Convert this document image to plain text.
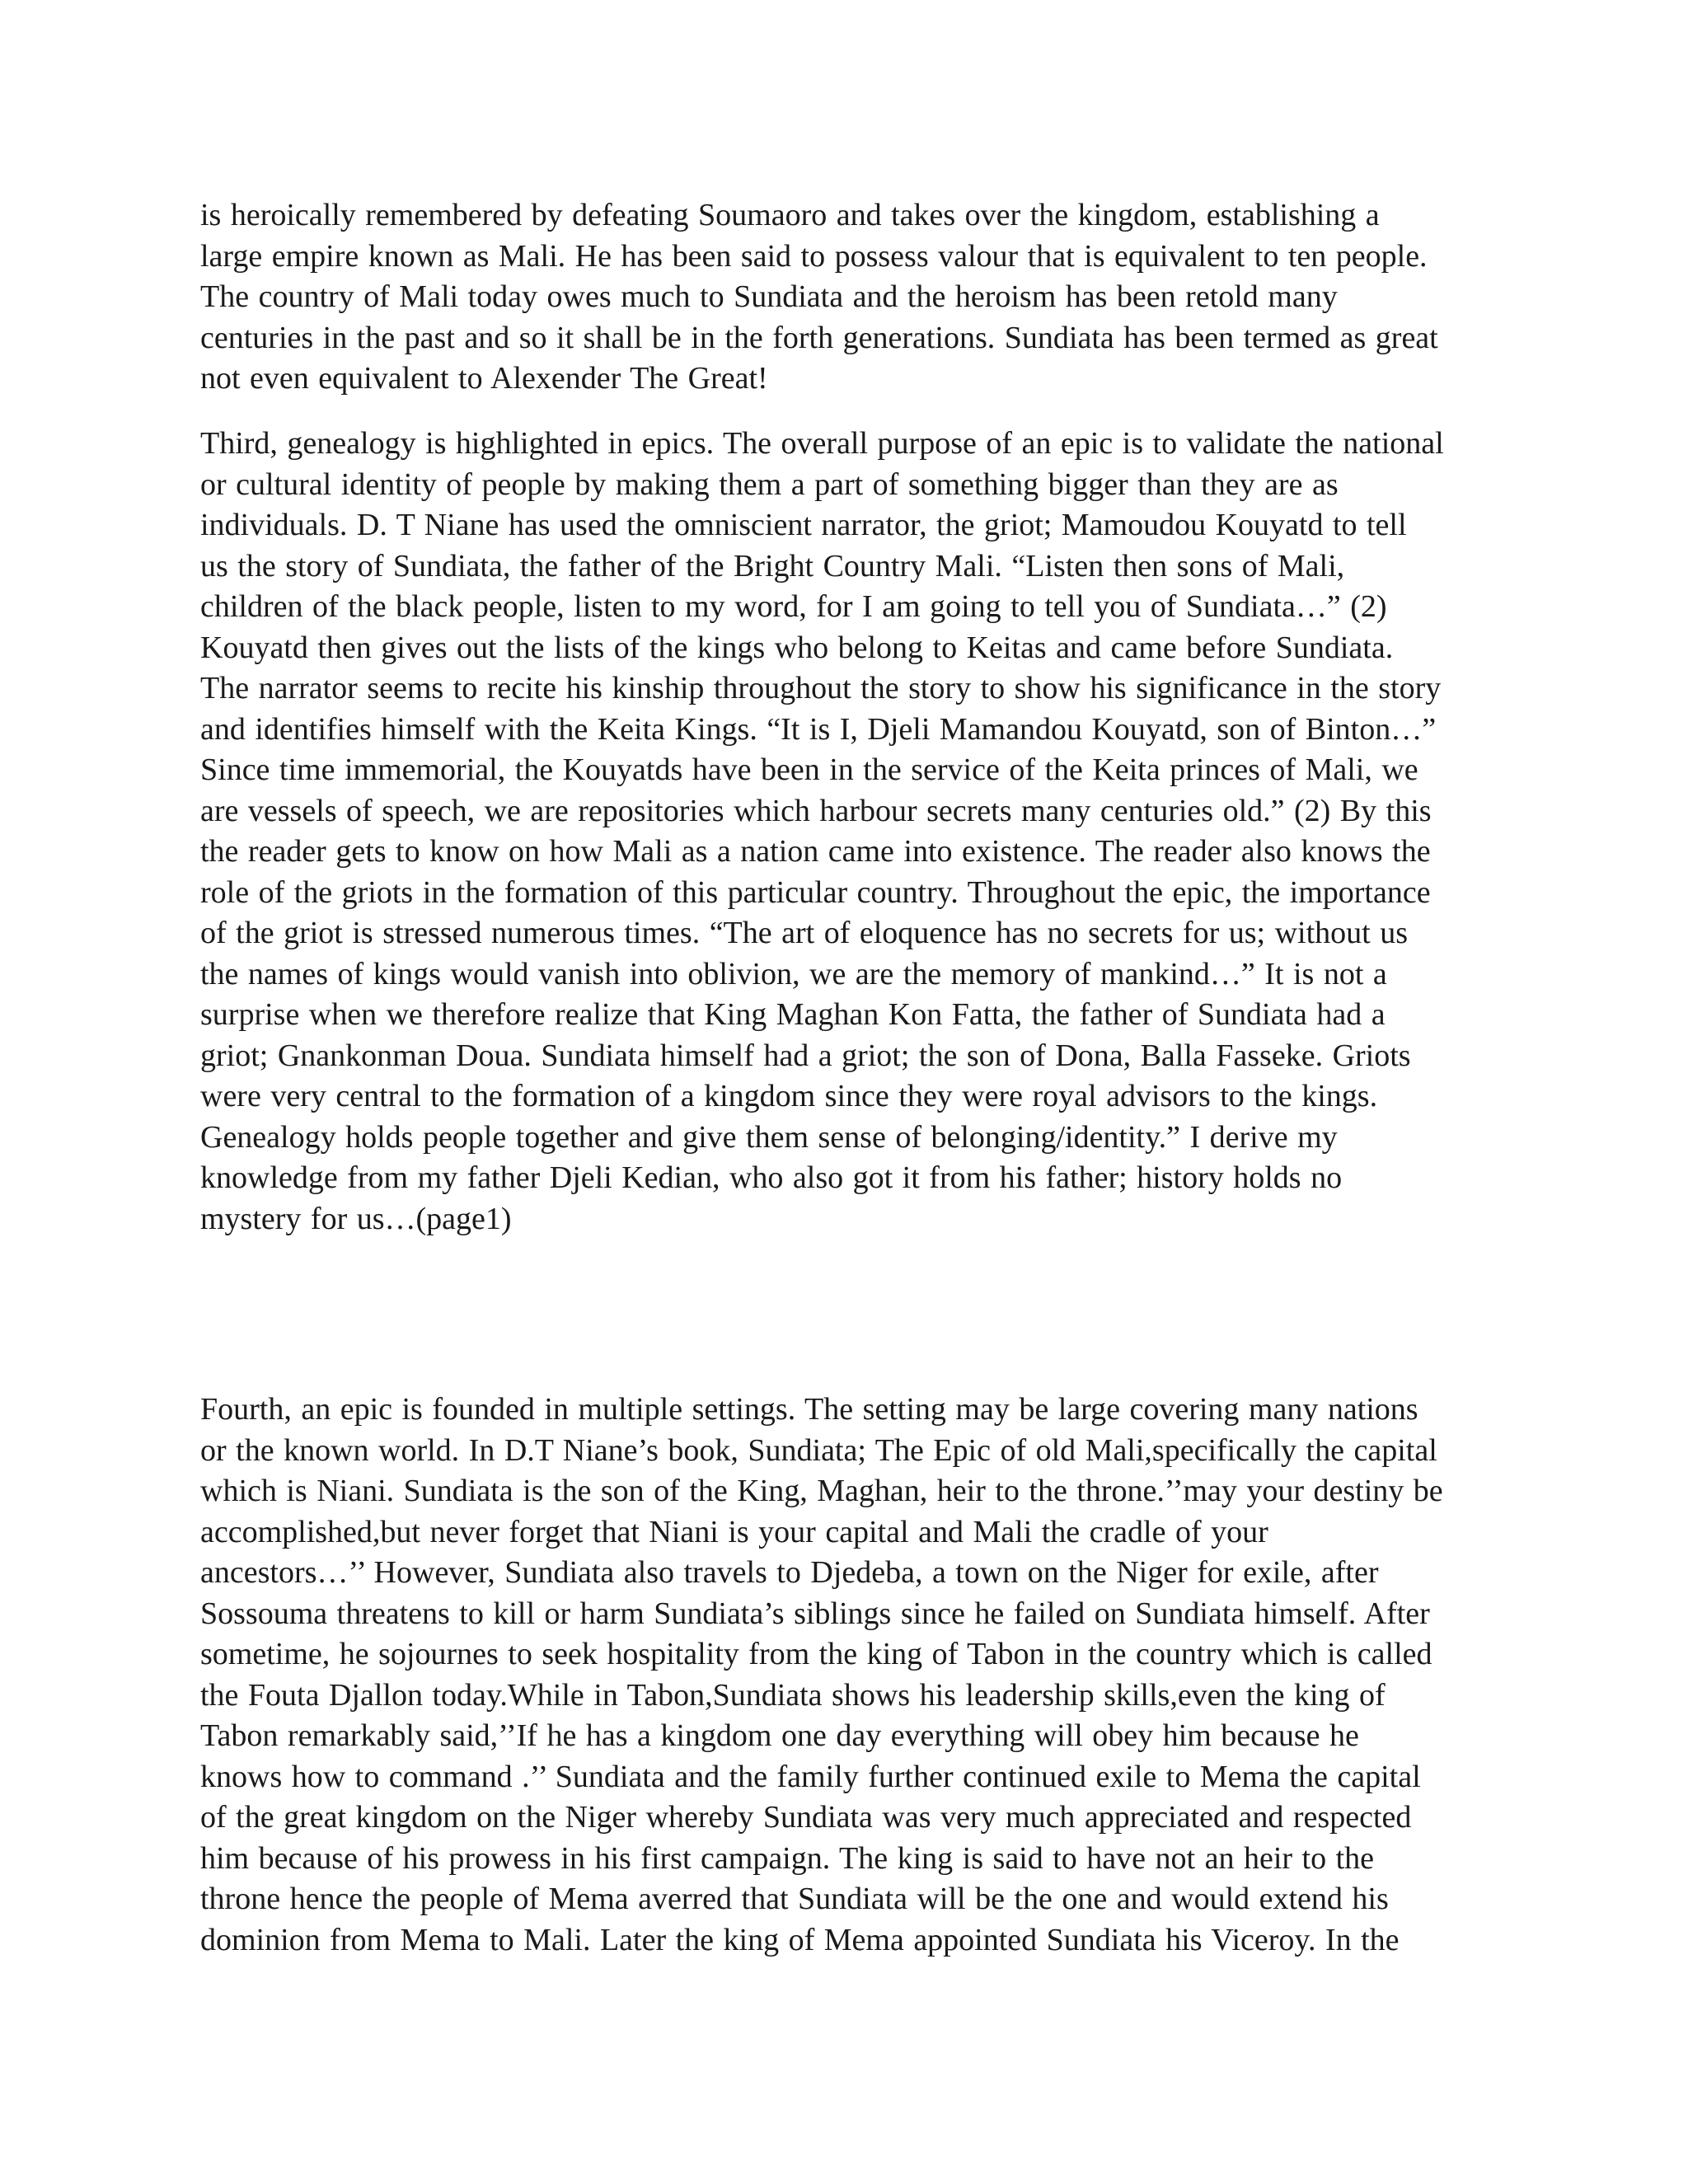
is heroically remembered by defeating Soumaoro and takes over the kingdom, establishing a
large empire known as Mali. He has been said to possess valour that is equivalent to ten people.
The country of Mali today owes much to Sundiata and the heroism has been retold many
centuries in the past and so it shall be in the forth generations. Sundiata has been termed as great
not even equivalent to Alexender The Great!
Third, genealogy is highlighted in epics. The overall purpose of an epic is to validate the national
or cultural identity of people by making them a part of something bigger than they are as
individuals. D. T Niane has used the omniscient narrator, the griot; Mamoudou Kouyatd to tell
us the story of Sundiata, the father of the Bright Country Mali. “Listen then sons of Mali,
children of the black people, listen to my word, for I am going to tell you of Sundiata…” (2)
Kouyatd then gives out the lists of the kings who belong to Keitas and came before Sundiata.
The narrator seems to recite his kinship throughout the story to show his significance in the story
and identifies himself with the Keita Kings. “It is I, Djeli Mamandou Kouyatd, son of Binton…”
Since time immemorial, the Kouyatds have been in the service of the Keita princes of Mali, we
are vessels of speech, we are repositories which harbour secrets many centuries old.” (2) By this
the reader gets to know on how Mali as a nation came into existence. The reader also knows the
role of the griots in the formation of this particular country. Throughout the epic, the importance
of the griot is stressed numerous times. “The art of eloquence has no secrets for us; without us
the names of kings would vanish into oblivion, we are the memory of mankind…” It is not a
surprise when we therefore realize that King Maghan Kon Fatta, the father of Sundiata had a
griot; Gnankonman Doua. Sundiata himself had a griot; the son of Dona, Balla Fasseke. Griots
were very central to the formation of a kingdom since they were royal advisors to the kings.
Genealogy holds people together and give them sense of belonging/identity.” I derive my
knowledge from my father Djeli Kedian, who also got it from his father; history holds no
mystery for us…(page1)
Fourth, an epic is founded in multiple settings. The setting may be large covering many nations
or the known world. In D.T Niane’s book, Sundiata; The Epic of old Mali,specifically the capital
which is Niani. Sundiata is the son of the King, Maghan, heir to the throne.’’may your destiny be
accomplished,but never forget that Niani is your capital and Mali the cradle of your
ancestors…’’ However, Sundiata also travels to Djedeba, a town on the Niger for exile, after
Sossouma threatens to kill or harm Sundiata’s siblings since he failed on Sundiata himself. After
sometime, he sojournes to seek hospitality from the king of Tabon in the country which is called
the Fouta Djallon today.While in Tabon,Sundiata shows his leadership skills,even the king of
Tabon remarkably said,’’If he has a kingdom one day everything will obey him because he
knows how to command .’’ Sundiata and the family further continued exile to Mema the capital
of the great kingdom on the Niger whereby Sundiata was very much appreciated and respected
him because of his prowess in his first campaign. The king is said to have not an heir to the
throne hence the people of Mema averred that Sundiata will be the one and would extend his
dominion from Mema to Mali. Later the king of Mema appointed Sundiata his Viceroy. In the
